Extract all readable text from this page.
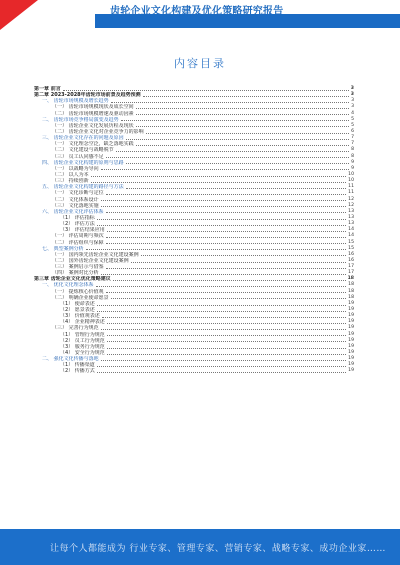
齿轮企业文化构建及优化策略研究报告
内容目录
第一章 前言	3
第二章 2023-2028年齿轮市场前景及趋势预测	3
一、 齿轮市场规模及增长趋势	3
（一） 齿轮市场规模现状及成长空间	3
（二） 齿轮市场规模增速及驱动因素	4
二、 齿轮市场竞争格局演变及趋势	5
（一） 齿轮企业文化发展历程及现状	5
（二） 齿轮企业文化对企业竞争力的影响	6
三、 齿轮企业文化存在的问题及原因	7
（一） 文化理念空泛，缺乏落地实践	7
（二） 文化建设与战略脱节	8
（三） 员工认同感不足	8
四、 齿轮企业文化构建的原则与思路	9
（一） 以战略为导向	9
（二） 以人为本	10
（三） 持续创新	10
五、 齿轮企业文化构建的路径与方法	11
（一） 文化诊断与定位	11
（二） 文化体系设计	12
（三） 文化落地实施	12
六、 齿轮企业文化评估体系	13
（1） 评估指标	13
（2） 评估方法	13
（3） 评估结果应用	14
（一） 评估周期与频次	14
（二） 评估组织与保障	15
七、 典型案例分析	15
（一） 国内领先齿轮企业文化建设案例	16
（二） 国外齿轮企业文化建设案例	16
（三） 案例启示与借鉴	17
（四） 案例对比分析	17
第三章 齿轮企业文化优化策略建议	18
一、 优化文化理念体系	18
（一） 提炼核心价值观	18
（二） 明确企业使命愿景	18
（1） 使命表述	19
（2） 愿景表述	19
（3） 价值观表述	19
（4） 企业精神表述	19
（三） 完善行为规范	19
（1） 管理行为规范	19
（2） 员工行为规范	19
（3） 服务行为规范	19
（4） 安全行为规范	19
二、 强化文化传播与落地	19
（1） 传播渠道	19
（2） 传播方式	19
让每个人都能成为 行业专家、管理专家、营销专家、战略专家、成功企业家……
